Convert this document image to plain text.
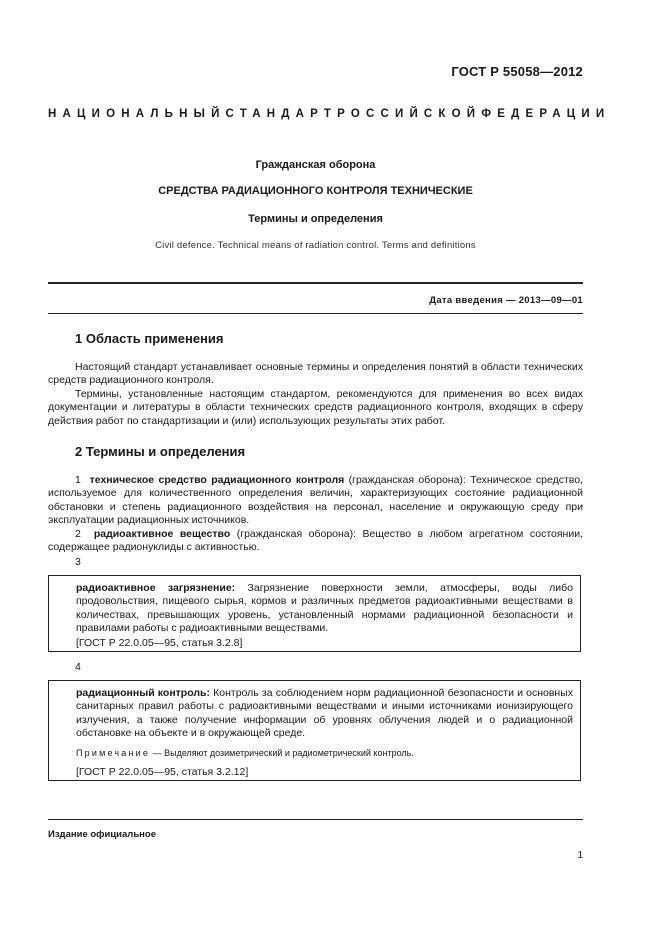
ГОСТ Р 55058—2012
НАЦИОНАЛЬНЫЙ СТАНДАРТ РОССИЙСКОЙ ФЕДЕРАЦИИ
Гражданская оборона
СРЕДСТВА РАДИАЦИОННОГО КОНТРОЛЯ ТЕХНИЧЕСКИЕ
Термины и определения
Civil defence. Technical means of radiation control. Terms and definitions
Дата введения — 2013—09—01
1 Область применения
Настоящий стандарт устанавливает основные термины и определения понятий в области технических средств радиационного контроля.
Термины, установленные настоящим стандартом, рекомендуются для применения во всех видах документации и литературы в области технических средств радиационного контроля, входящих в сферу действия работ по стандартизации и (или) использующих результаты этих работ.
2 Термины и определения
1 техническое средство радиационного контроля (гражданская оборона): Техническое средство, используемое для количественного определения величин, характеризующих состояние радиационной обстановки и степень радиационного воздействия на персонал, население и окружающую среду при эксплуатации радиационных источников.
2 радиоактивное вещество (гражданская оборона): Вещество в любом агрегатном состоянии, содержащее радионуклиды с активностью.
3
радиоактивное загрязнение: Загрязнение поверхности земли, атмосферы, воды либо продовольствия, пищевого сырья, кормов и различных предметов радиоактивными веществами в количествах, превышающих уровень, установленный нормами радиационной безопасности и правилами работы с радиоактивными веществами.
[ГОСТ Р 22.0.05—95, статья 3.2.8]
4
радиационный контроль: Контроль за соблюдением норм радиационной безопасности и основных санитарных правил работы с радиоактивными веществами и иными источниками ионизирующего излучения, а также получение информации об уровнях облучения людей и о радиационной обстановке на объекте и в окружающей среде.
Примечание — Выделяют дозиметрический и радиометрический контроль.
[ГОСТ Р 22.0.05—95, статья 3.2.12]
Издание официальное
1
